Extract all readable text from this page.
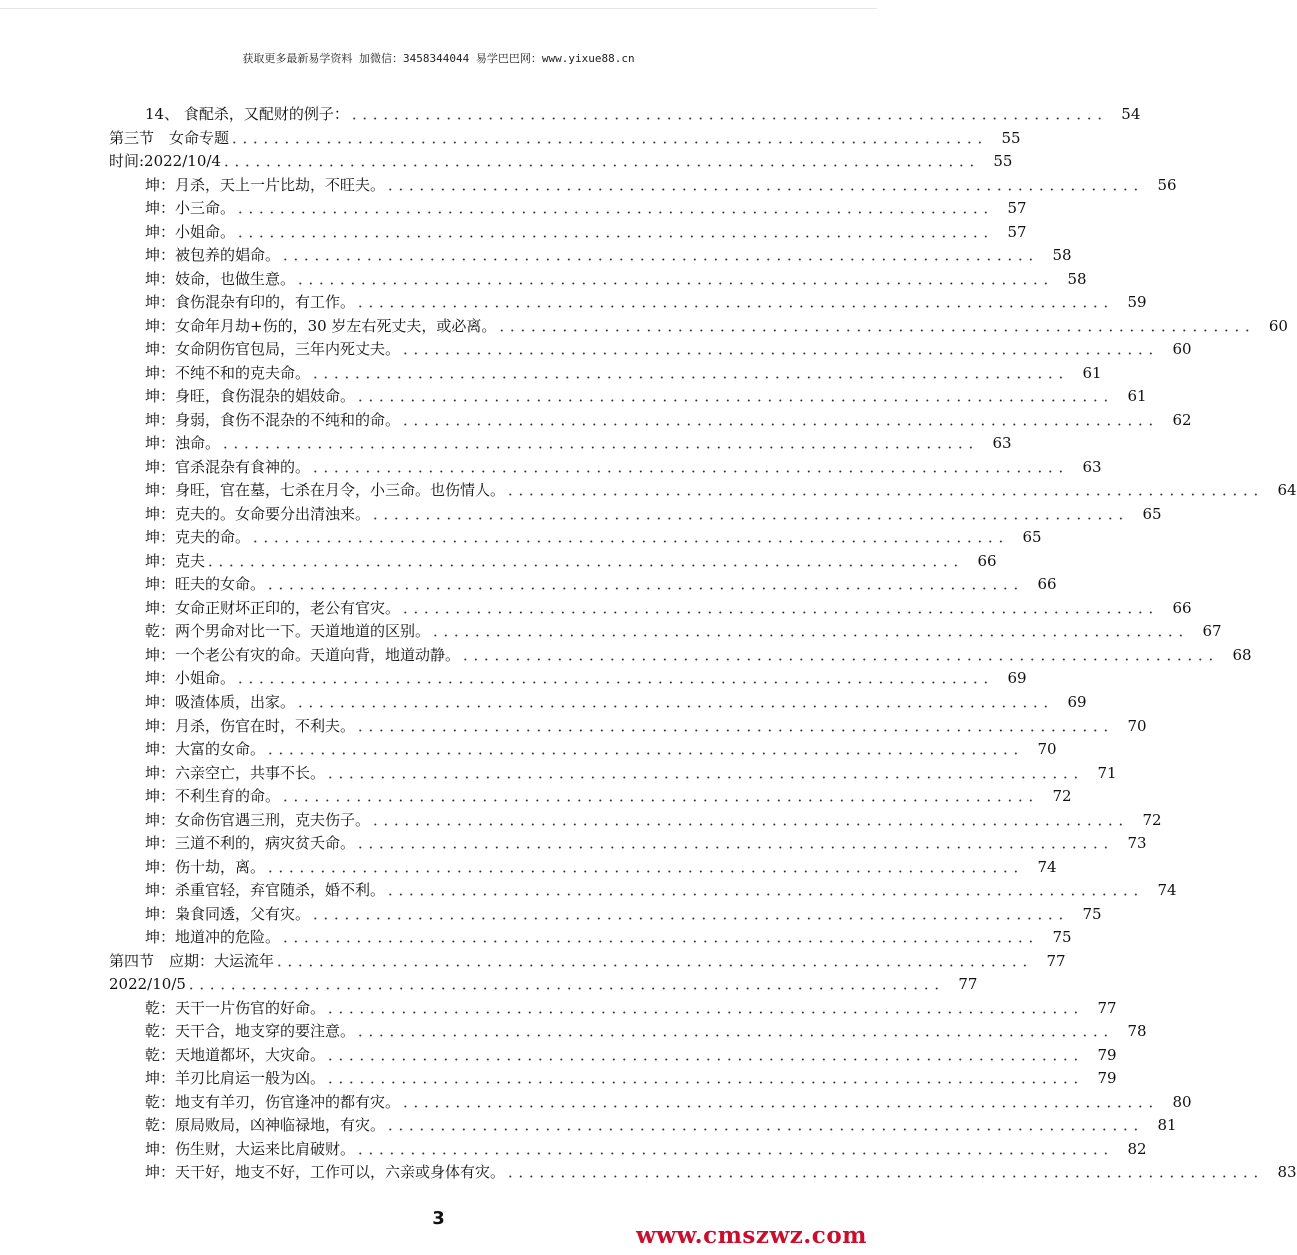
获取更多最新易学资料 加微信：3458344044 易学巴巴网：www.yixue88.cn
14、 食配杀，又配财的例子： ．．．．．．．．．．．．．．．．．．．．．．．．．．．．．．．．．．．．．．．．．．．．．．．．．．．．．．．．．．．．．．．．．．．．．．．． 54
第三节　女命专题 ．．．．．．．．．．．．．．．．．．．．．．．．．．．．．．．．．．．．．．．．．．．．．．．．．．．．．．．．．．．．．．．．．．．．．．．． 55
时间:2022/10/4 ．．．．．．．．．．．．．．．．．．．．．．．．．．．．．．．．．．．．．．．．．．．．．．．．．．．．．．．．．．．．．．．．．．．．．．．． 55
坤：月杀，天上一片比劫，不旺夫。 ．．．．．．．．．．．．．．．．．．．．．．．．．．．．．．．．．．．．．．．．．．．．．．．．．．．．．．．．．．．．．．．．．．．．．．．． 56
坤：小三命。 ．．．．．．．．．．．．．．．．．．．．．．．．．．．．．．．．．．．．．．．．．．．．．．．．．．．．．．．．．．．．．．．．．．．．．．．． 57
坤：小姐命。 ．．．．．．．．．．．．．．．．．．．．．．．．．．．．．．．．．．．．．．．．．．．．．．．．．．．．．．．．．．．．．．．．．．．．．．．． 57
坤：被包养的娼命。 ．．．．．．．．．．．．．．．．．．．．．．．．．．．．．．．．．．．．．．．．．．．．．．．．．．．．．．．．．．．．．．．．．．．．．．．． 58
坤：妓命，也做生意。 ．．．．．．．．．．．．．．．．．．．．．．．．．．．．．．．．．．．．．．．．．．．．．．．．．．．．．．．．．．．．．．．．．．．．．．．． 58
坤：食伤混杂有印的，有工作。 ．．．．．．．．．．．．．．．．．．．．．．．．．．．．．．．．．．．．．．．．．．．．．．．．．．．．．．．．．．．．．．．．．．．．．．．． 59
坤：女命年月劫+伤的，30 岁左右死丈夫，或必离。 ．．．．．．．．．．．．．．．．．．．．．．．．．．．．．．．．．．．．．．．．．．．．．．．．．．．．．．．．．．．．．．．．．．．．．．．． 60
坤：女命阴伤官包局，三年内死丈夫。 ．．．．．．．．．．．．．．．．．．．．．．．．．．．．．．．．．．．．．．．．．．．．．．．．．．．．．．．．．．．．．．．．．．．．．．．． 60
坤：不纯不和的克夫命。 ．．．．．．．．．．．．．．．．．．．．．．．．．．．．．．．．．．．．．．．．．．．．．．．．．．．．．．．．．．．．．．．．．．．．．．．． 61
坤：身旺，食伤混杂的娼妓命。 ．．．．．．．．．．．．．．．．．．．．．．．．．．．．．．．．．．．．．．．．．．．．．．．．．．．．．．．．．．．．．．．．．．．．．．．． 61
坤：身弱，食伤不混杂的不纯和的命。 ．．．．．．．．．．．．．．．．．．．．．．．．．．．．．．．．．．．．．．．．．．．．．．．．．．．．．．．．．．．．．．．．．．．．．．．． 62
坤：浊命。 ．．．．．．．．．．．．．．．．．．．．．．．．．．．．．．．．．．．．．．．．．．．．．．．．．．．．．．．．．．．．．．．．．．．．．．．． 63
坤：官杀混杂有食神的。 ．．．．．．．．．．．．．．．．．．．．．．．．．．．．．．．．．．．．．．．．．．．．．．．．．．．．．．．．．．．．．．．．．．．．．．．． 63
坤：身旺，官在墓，七杀在月令，小三命。也伤情人。 ．．．．．．．．．．．．．．．．．．．．．．．．．．．．．．．．．．．．．．．．．．．．．．．．．．．．．．．．．．．．．．．．．．．．．．．． 64
坤：克夫的。女命要分出清浊来。 ．．．．．．．．．．．．．．．．．．．．．．．．．．．．．．．．．．．．．．．．．．．．．．．．．．．．．．．．．．．．．．．．．．．．．．．． 65
坤：克夫的命。 ．．．．．．．．．．．．．．．．．．．．．．．．．．．．．．．．．．．．．．．．．．．．．．．．．．．．．．．．．．．．．．．．．．．．．．．． 65
坤：克夫 ．．．．．．．．．．．．．．．．．．．．．．．．．．．．．．．．．．．．．．．．．．．．．．．．．．．．．．．．．．．．．．．．．．．．．．．． 66
坤：旺夫的女命。 ．．．．．．．．．．．．．．．．．．．．．．．．．．．．．．．．．．．．．．．．．．．．．．．．．．．．．．．．．．．．．．．．．．．．．．．． 66
坤：女命正财坏正印的，老公有官灾。 ．．．．．．．．．．．．．．．．．．．．．．．．．．．．．．．．．．．．．．．．．．．．．．．．．．．．．．．．．．．．．．．．．．．．．．．． 66
乾：两个男命对比一下。天道地道的区别。 ．．．．．．．．．．．．．．．．．．．．．．．．．．．．．．．．．．．．．．．．．．．．．．．．．．．．．．．．．．．．．．．．．．．．．．．． 67
坤：一个老公有灾的命。天道向背，地道动静。 ．．．．．．．．．．．．．．．．．．．．．．．．．．．．．．．．．．．．．．．．．．．．．．．．．．．．．．．．．．．．．．．．．．．．．．．． 68
坤：小姐命。 ．．．．．．．．．．．．．．．．．．．．．．．．．．．．．．．．．．．．．．．．．．．．．．．．．．．．．．．．．．．．．．．．．．．．．．．． 69
坤：吸渣体质，出家。 ．．．．．．．．．．．．．．．．．．．．．．．．．．．．．．．．．．．．．．．．．．．．．．．．．．．．．．．．．．．．．．．．．．．．．．．． 69
坤：月杀，伤官在时，不利夫。 ．．．．．．．．．．．．．．．．．．．．．．．．．．．．．．．．．．．．．．．．．．．．．．．．．．．．．．．．．．．．．．．．．．．．．．．． 70
坤：大富的女命。 ．．．．．．．．．．．．．．．．．．．．．．．．．．．．．．．．．．．．．．．．．．．．．．．．．．．．．．．．．．．．．．．．．．．．．．．． 70
坤：六亲空亡，共事不长。 ．．．．．．．．．．．．．．．．．．．．．．．．．．．．．．．．．．．．．．．．．．．．．．．．．．．．．．．．．．．．．．．．．．．．．．．． 71
坤：不利生育的命。 ．．．．．．．．．．．．．．．．．．．．．．．．．．．．．．．．．．．．．．．．．．．．．．．．．．．．．．．．．．．．．．．．．．．．．．．． 72
坤：女命伤官遇三刑，克夫伤子。 ．．．．．．．．．．．．．．．．．．．．．．．．．．．．．．．．．．．．．．．．．．．．．．．．．．．．．．．．．．．．．．．．．．．．．．．． 72
坤：三道不利的，病灾贫夭命。 ．．．．．．．．．．．．．．．．．．．．．．．．．．．．．．．．．．．．．．．．．．．．．．．．．．．．．．．．．．．．．．．．．．．．．．．． 73
坤：伤十劫，离。 ．．．．．．．．．．．．．．．．．．．．．．．．．．．．．．．．．．．．．．．．．．．．．．．．．．．．．．．．．．．．．．．．．．．．．．．． 74
坤：杀重官轻，弃官随杀，婚不利。 ．．．．．．．．．．．．．．．．．．．．．．．．．．．．．．．．．．．．．．．．．．．．．．．．．．．．．．．．．．．．．．．．．．．．．．．． 74
坤：枭食同透，父有灾。 ．．．．．．．．．．．．．．．．．．．．．．．．．．．．．．．．．．．．．．．．．．．．．．．．．．．．．．．．．．．．．．．．．．．．．．．． 75
坤：地道冲的危险。 ．．．．．．．．．．．．．．．．．．．．．．．．．．．．．．．．．．．．．．．．．．．．．．．．．．．．．．．．．．．．．．．．．．．．．．．． 75
第四节　应期：大运流年 ．．．．．．．．．．．．．．．．．．．．．．．．．．．．．．．．．．．．．．．．．．．．．．．．．．．．．．．．．．．．．．．．．．．．．．．． 77
2022/10/5 ．．．．．．．．．．．．．．．．．．．．．．．．．．．．．．．．．．．．．．．．．．．．．．．．．．．．．．．．．．．．．．．．．．．．．．．． 77
乾：天干一片伤官的好命。 ．．．．．．．．．．．．．．．．．．．．．．．．．．．．．．．．．．．．．．．．．．．．．．．．．．．．．．．．．．．．．．．．．．．．．．．． 77
乾：天干合，地支穿的要注意。 ．．．．．．．．．．．．．．．．．．．．．．．．．．．．．．．．．．．．．．．．．．．．．．．．．．．．．．．．．．．．．．．．．．．．．．．． 78
乾：天地道都坏，大灾命。 ．．．．．．．．．．．．．．．．．．．．．．．．．．．．．．．．．．．．．．．．．．．．．．．．．．．．．．．．．．．．．．．．．．．．．．．． 79
坤：羊刃比肩运一般为凶。 ．．．．．．．．．．．．．．．．．．．．．．．．．．．．．．．．．．．．．．．．．．．．．．．．．．．．．．．．．．．．．．．．．．．．．．．． 79
乾：地支有羊刃，伤官逢冲的都有灾。 ．．．．．．．．．．．．．．．．．．．．．．．．．．．．．．．．．．．．．．．．．．．．．．．．．．．．．．．．．．．．．．．．．．．．．．．． 80
乾：原局败局，凶神临禄地，有灾。 ．．．．．．．．．．．．．．．．．．．．．．．．．．．．．．．．．．．．．．．．．．．．．．．．．．．．．．．．．．．．．．．．．．．．．．．． 81
坤：伤生财，大运来比肩破财。 ．．．．．．．．．．．．．．．．．．．．．．．．．．．．．．．．．．．．．．．．．．．．．．．．．．．．．．．．．．．．．．．．．．．．．．．． 82
坤：天干好，地支不好，工作可以，六亲或身体有灾。 ．．．．．．．．．．．．．．．．．．．．．．．．．．．．．．．．．．．．．．．．．．．．．．．．．．．．．．．．．．．．．．．．．．．．．．．． 83
3
www.cmszwz.com
